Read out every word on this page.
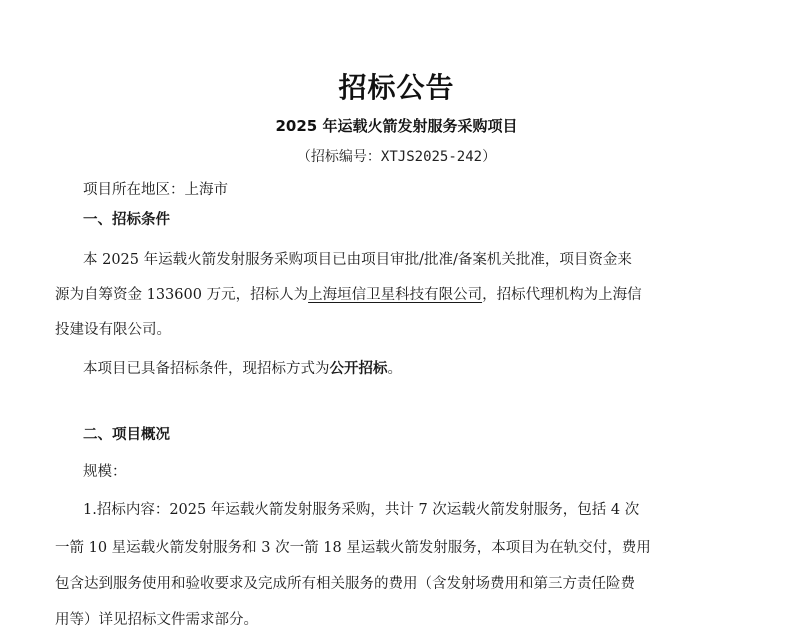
招标公告
2025 年运载火箭发射服务采购项目
（招标编号：XTJS2025-242）
项目所在地区：上海市
一、招标条件
本 2025 年运载火箭发射服务采购项目已由项目审批/批准/备案机关批准，项目资金来
源为自筹资金 133600 万元，招标人为上海垣信卫星科技有限公司，招标代理机构为上海信
投建设有限公司。
本项目已具备招标条件，现招标方式为公开招标。
二、项目概况
规模：
1.招标内容：2025 年运载火箭发射服务采购，共计 7 次运载火箭发射服务，包括 4 次
一箭 10 星运载火箭发射服务和 3 次一箭 18 星运载火箭发射服务，本项目为在轨交付，费用
包含达到服务使用和验收要求及完成所有相关服务的费用（含发射场费用和第三方责任险费
用等）详见招标文件需求部分。
